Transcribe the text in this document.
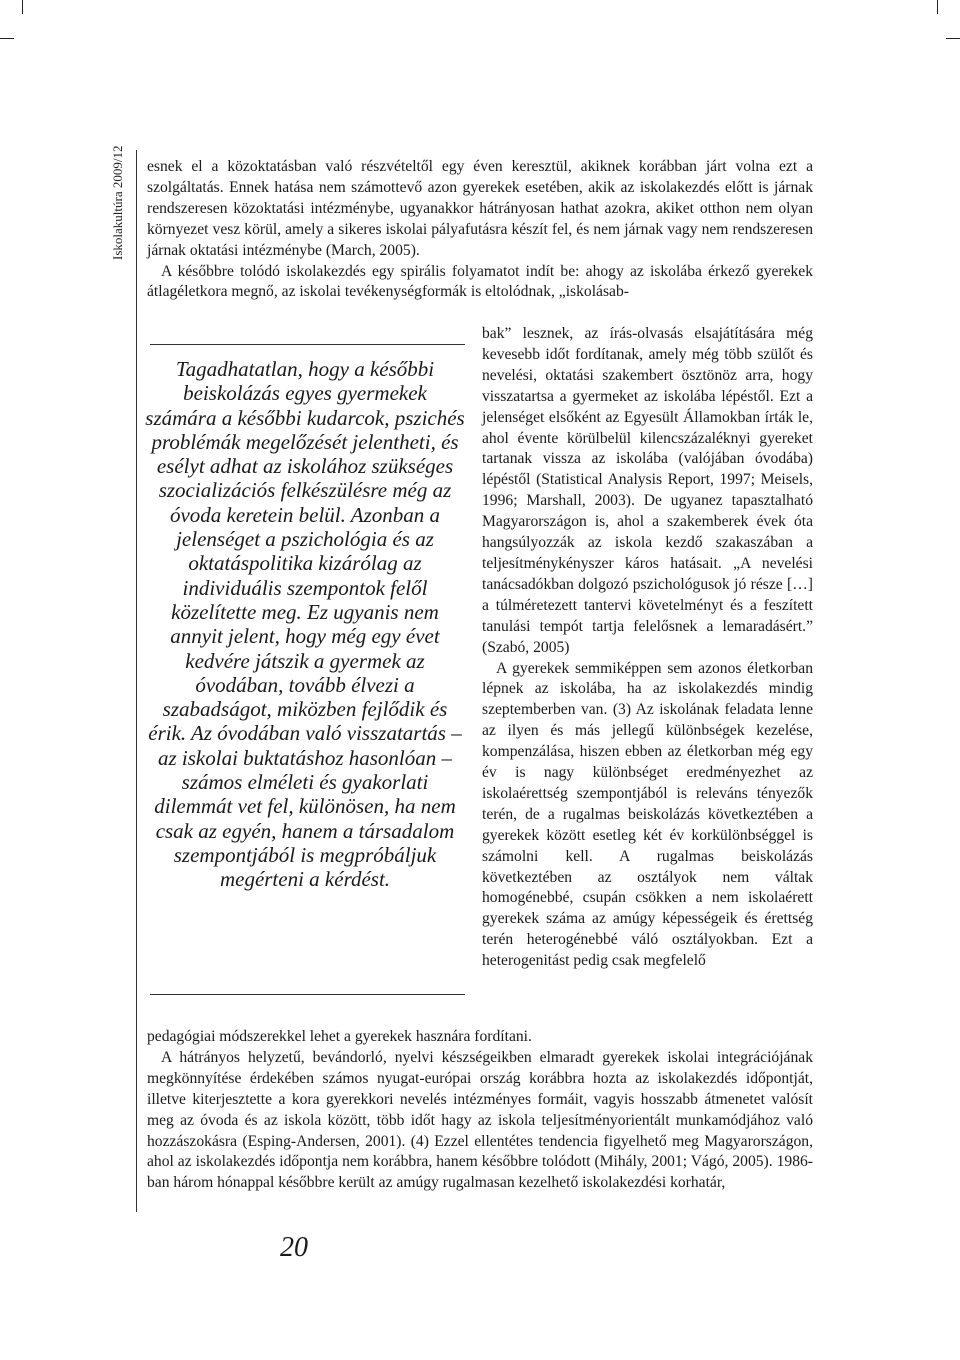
Iskolakultúra 2009/12 esnek el a közoktatásban való részvételtől egy éven keresztül, akiknek korábban járt volna ezt a szolgáltatás. Ennek hatása nem számottevő azon gyerekek esetében, akik az iskolakezdés előtt is járnak rendszeresen közoktatási intézménybe, ugyanakkor hátrányosan hathat azokra, akiket otthon nem olyan környezet vesz körül, amely a sikeres iskolai pályafutásra készít fel, és nem járnak vagy nem rendszeresen járnak oktatási intézménybe (March, 2005).

A későbbre tolódó iskolakezdés egy spirális folyamatot indít be: ahogy az iskolába érkező gyerekek átlagéletkora megnő, az iskolai tevékenységformák is eltolódnak, „iskolásab-

Tagadhatatlan, hogy a későbbi beiskolázás egyes gyermekek számára a későbbi kudarcok, pszichés problémák megelőzését jelentheti, és esélyt adhat az iskolához szükséges szocializációs felkészülésre még az óvoda keretein belül. Azonban a jelenséget a pszichológia és az oktatáspolitika kizárólag az individuális szempontok felől közelítette meg. Ez ugyanis nem annyit jelent, hogy még egy évet kedvére játszik a gyermek az óvodában, tovább élvezi a szabadságot, miközben fejlődik és érik. Az óvodában való visszatartás – az iskolai buktatáshoz hasonlóan – számos elméleti és gyakorlati dilemmát vet fel, különösen, ha nem csak az egyén, hanem a társadalom szempontjából is megpróbáljuk megérteni a kérdést.

bak” lesznek, az írás-olvasás elsajátítására még kevesebb időt fordítanak, amely még több szülőt és nevelési, oktatási szakembert ösztönöz arra, hogy visszatartsa a gyermeket az iskolába lépéstől. Ezt a jelenséget elsőként az Egyesült Államokban írták le, ahol évente körülbelül kilencszázaléknyi gyereket tartanak vissza az iskolába (valójában óvodába) lépéstől (Statistical Analysis Report, 1997; Meisels, 1996; Marshall, 2003). De ugyanez tapasztalható Magyarországon is, ahol a szakemberek évek óta hangsúlyozzák az iskola kezdő szakaszában a teljesítménykényszer káros hatásait. „A nevelési tanácsadókban dolgozó pszichológusok jó része […] a túlméretezett tantervi követelményt és a feszített tanulási tempót tartja felelősnek a lemaradásért.” (Szabó, 2005)

A gyerekek semmiképpen sem azonos életkorban lépnek az iskolába, ha az iskolakezdés mindig szeptemberben van. (3) Az iskolának feladata lenne az ilyen és más jellegű különbségek kezelése, kompenzálása, hiszen ebben az életkorban még egy év is nagy különbséget eredményezhet az iskolaérettség szempontjából is releváns tényezők terén, de a rugalmas beiskolázás következtében a gyerekek között esetleg két év korkülönbséggel is számolni kell. A rugalmas beiskolázás következtében az osztályok nem váltak homogénebbé, csupán csökken a nem iskolaérett gyerekek száma az amúgy képességeik és érettség terén heterogénebbé váló osztályokban. Ezt a heterogenitást pedig csak megfelelő

pedagógiai módszerekkel lehet a gyerekek hasznára fordítani.

A hátrányos helyzetű, bevándorló, nyelvi készségeikben elmaradt gyerekek iskolai integrációjának megkönnyítése érdekében számos nyugat-európai ország korábbra hozta az iskolakezdés időpontját, illetve kiterjesztette a kora gyerekkori nevelés intézményes formáit, vagyis hosszabb átmenetet valósít meg az óvoda és az iskola között, több időt hagy az iskola teljesítményorientált munkamódjához való hozzászokásra (Esping-Andersen, 2001). (4) Ezzel ellentétes tendencia figyelhető meg Magyarországon, ahol az iskolakezdés időpontja nem korábbra, hanem későbbre tolódott (Mihály, 2001; Vágó, 2005). 1986-ban három hónappal későbbre került az amúgy rugalmasan kezelhető iskolakezdési korhatár,

20
